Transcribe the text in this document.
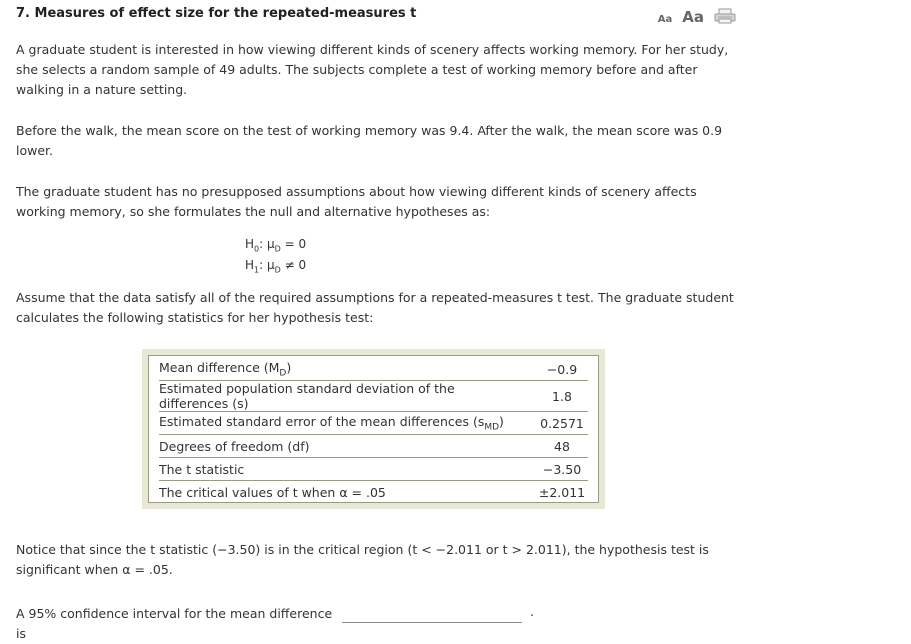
7. Measures of effect size for the repeated-measures t	Aa Aa

A graduate student is interested in how viewing different kinds of scenery affects working memory. For her study, she selects a random sample of 49 adults. The subjects complete a test of working memory before and after walking in a nature setting.

Before the walk, the mean score on the test of working memory was 9.4. After the walk, the mean score was 0.9 lower.

The graduate student has no presupposed assumptions about how viewing different kinds of scenery affects working memory, so she formulates the null and alternative hypotheses as:

$H_0$: $\mu_D = 0$
$H_1$: $\mu_D \ne 0$

Assume that the data satisfy all of the required assumptions for a repeated-measures t test. The graduate student calculates the following statistics for her hypothesis test:

Mean difference $(M_D)$	−0.9
Estimated population standard deviation of the differences (s)	1.8
Estimated standard error of the mean differences $(s_{MD})$	0.2571
Degrees of freedom (df)	48
The t statistic	−3.50
The critical values of t when α = .05	±2.011

Notice that since the t statistic (−3.50) is in the critical region (t < −2.011 or t > 2.011), the hypothesis test is significant when α = .05.

A 95% confidence interval for the mean difference is

.
